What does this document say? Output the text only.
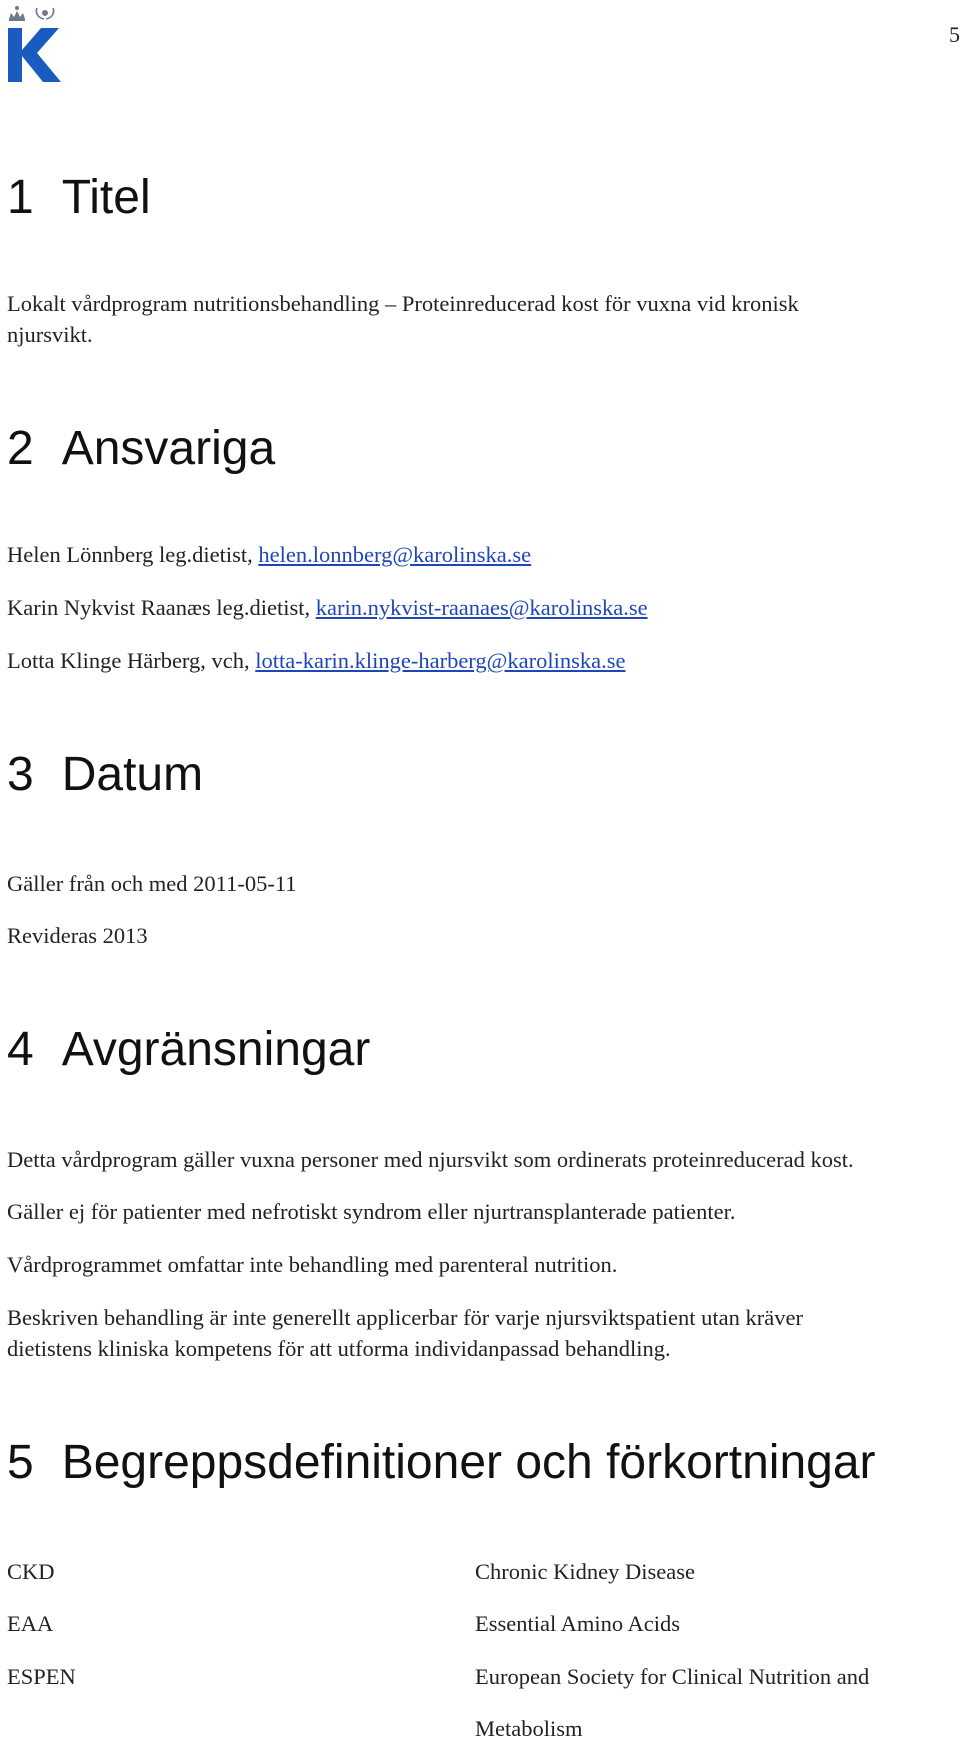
5
1 Titel

Lokalt vårdprogram nutritionsbehandling – Proteinreducerad kost för vuxna vid kronisk

njursvikt.

2 Ansvariga

Helen Lönnberg leg.dietist, helen.lonnberg@karolinska.se

Karin Nykvist Raanæs leg.dietist, karin.nykvist-raanaes@karolinska.se

Lotta Klinge Härberg, vch, lotta-karin.klinge-harberg@karolinska.se

3 Datum

Gäller från och med 2011-05-11

Revideras 2013

4 Avgränsningar

Detta vårdprogram gäller vuxna personer med njursvikt som ordinerats proteinreducerad kost.

Gäller ej för patienter med nefrotiskt syndrom eller njurtransplanterade patienter.

Vårdprogrammet omfattar inte behandling med parenteral nutrition.

Beskriven behandling är inte generellt applicerbar för varje njursviktspatient utan kräver

dietistens kliniska kompetens för att utforma individanpassad behandling.

5 Begreppsdefinitioner och förkortningar
CKD	Chronic Kidney Disease
EAA	Essential Amino Acids
ESPEN	European Society for Clinical Nutrition and Metabolism
